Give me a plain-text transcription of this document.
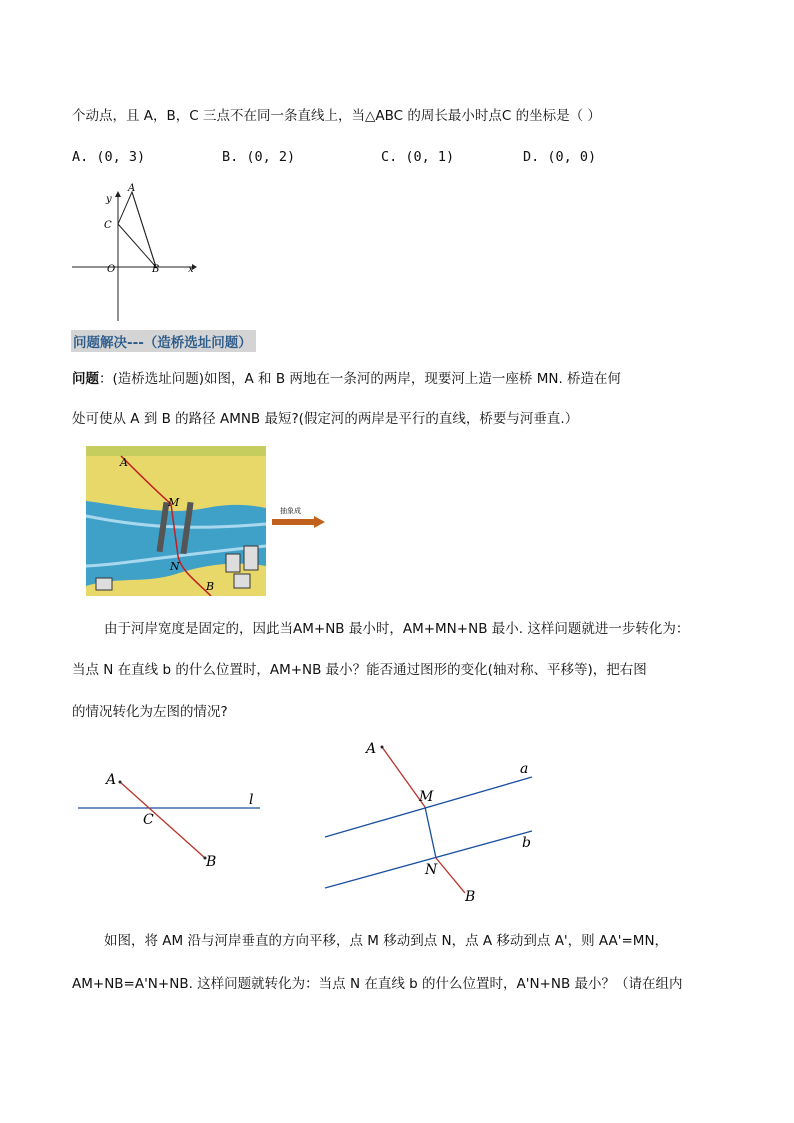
个动点，且 A，B，C 三点不在同一条直线上，当△ABC 的周长最小时点C 的坐标是（ ）
A. (0, 3)	B. (0, 2)	C. (0, 1)	D. (0, 0)
y
A
C
O	B	x
问题解决---（造桥选址问题）
问题：(造桥选址问题)如图，A 和 B 两地在一条河的两岸，现要河上造一座桥 MN. 桥造在何
处可使从 A 到 B 的路径 AMNB 最短?(假定河的两岸是平行的直线，桥要与河垂直.）
A
M
N
B
抽象成
由于河岸宽度是固定的，因此当AM+NB 最小时，AM+MN+NB 最小. 这样问题就进一步转化为：
当点 N 在直线 b 的什么位置时，AM+NB 最小？能否通过图形的变化(轴对称、平移等)，把右图
的情况转化为左图的情况?
A
C
B
l
A
M
N
B
a
b
如图，将 AM 沿与河岸垂直的方向平移，点 M 移动到点 N，点 A 移动到点 A'，则 AA'=MN，
AM+NB=A'N+NB. 这样问题就转化为：当点 N 在直线 b 的什么位置时，A'N+NB 最小？（请在组内
